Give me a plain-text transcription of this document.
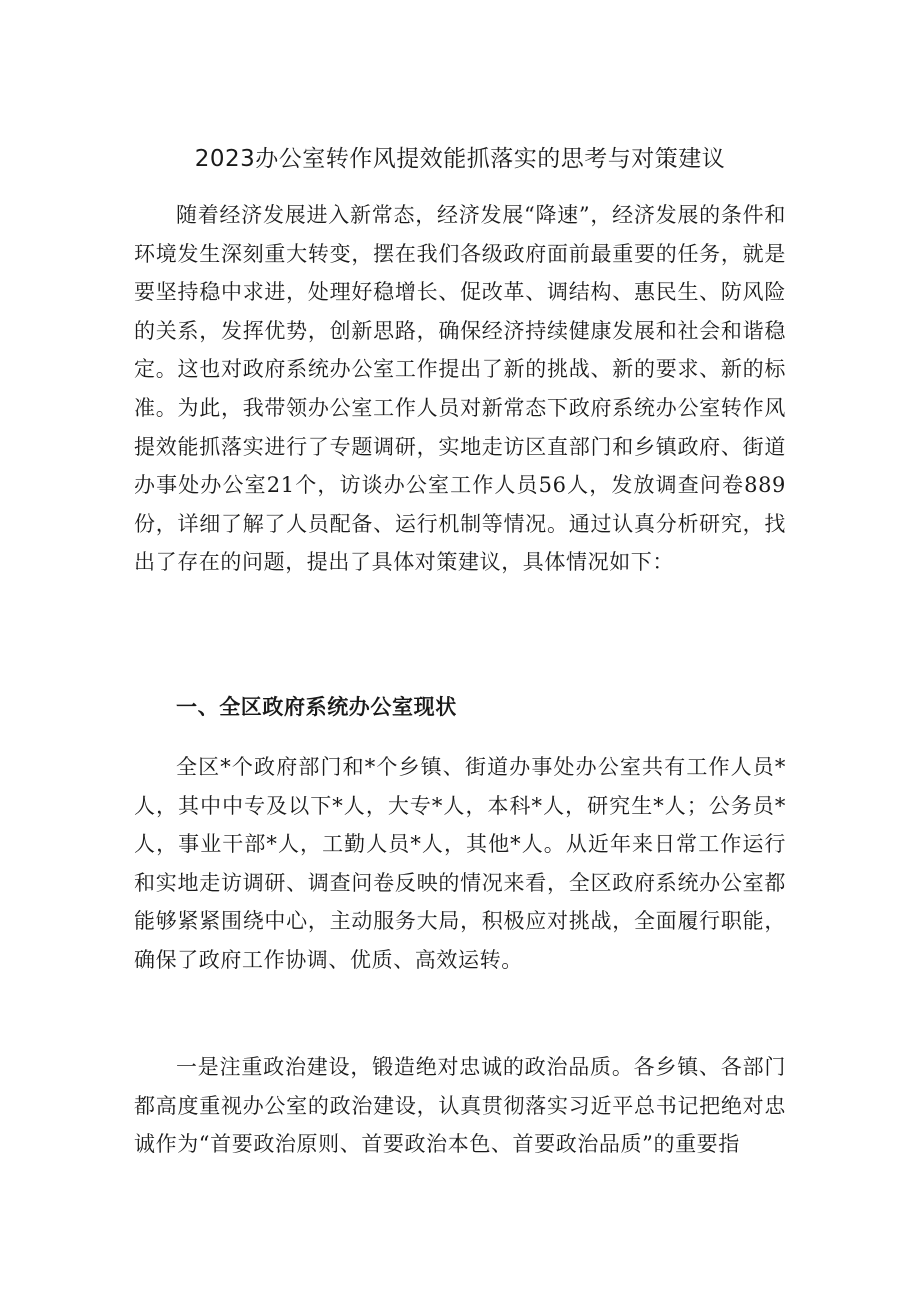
2023办公室转作风提效能抓落实的思考与对策建议

随着经济发展进入新常态，经济发展“降速”，经济发展的条件和环境发生深刻重大转变，摆在我们各级政府面前最重要的任务，就是要坚持稳中求进，处理好稳增长、促改革、调结构、惠民生、防风险的关系，发挥优势，创新思路，确保经济持续健康发展和社会和谐稳定。这也对政府系统办公室工作提出了新的挑战、新的要求、新的标准。为此，我带领办公室工作人员对新常态下政府系统办公室转作风提效能抓落实进行了专题调研，实地走访区直部门和乡镇政府、街道办事处办公室21个，访谈办公室工作人员56人，发放调查问卷889份，详细了解了人员配备、运行机制等情况。通过认真分析研究，找出了存在的问题，提出了具体对策建议，具体情况如下：

一、全区政府系统办公室现状

全区*个政府部门和*个乡镇、街道办事处办公室共有工作人员*人，其中中专及以下*人，大专*人，本科*人，研究生*人；公务员*人，事业干部*人，工勤人员*人，其他*人。从近年来日常工作运行和实地走访调研、调查问卷反映的情况来看，全区政府系统办公室都能够紧紧围绕中心，主动服务大局，积极应对挑战，全面履行职能，确保了政府工作协调、优质、高效运转。

一是注重政治建设，锻造绝对忠诚的政治品质。各乡镇、各部门都高度重视办公室的政治建设，认真贯彻落实习近平总书记把绝对忠诚作为“首要政治原则、首要政治本色、首要政治品质”的重要指
